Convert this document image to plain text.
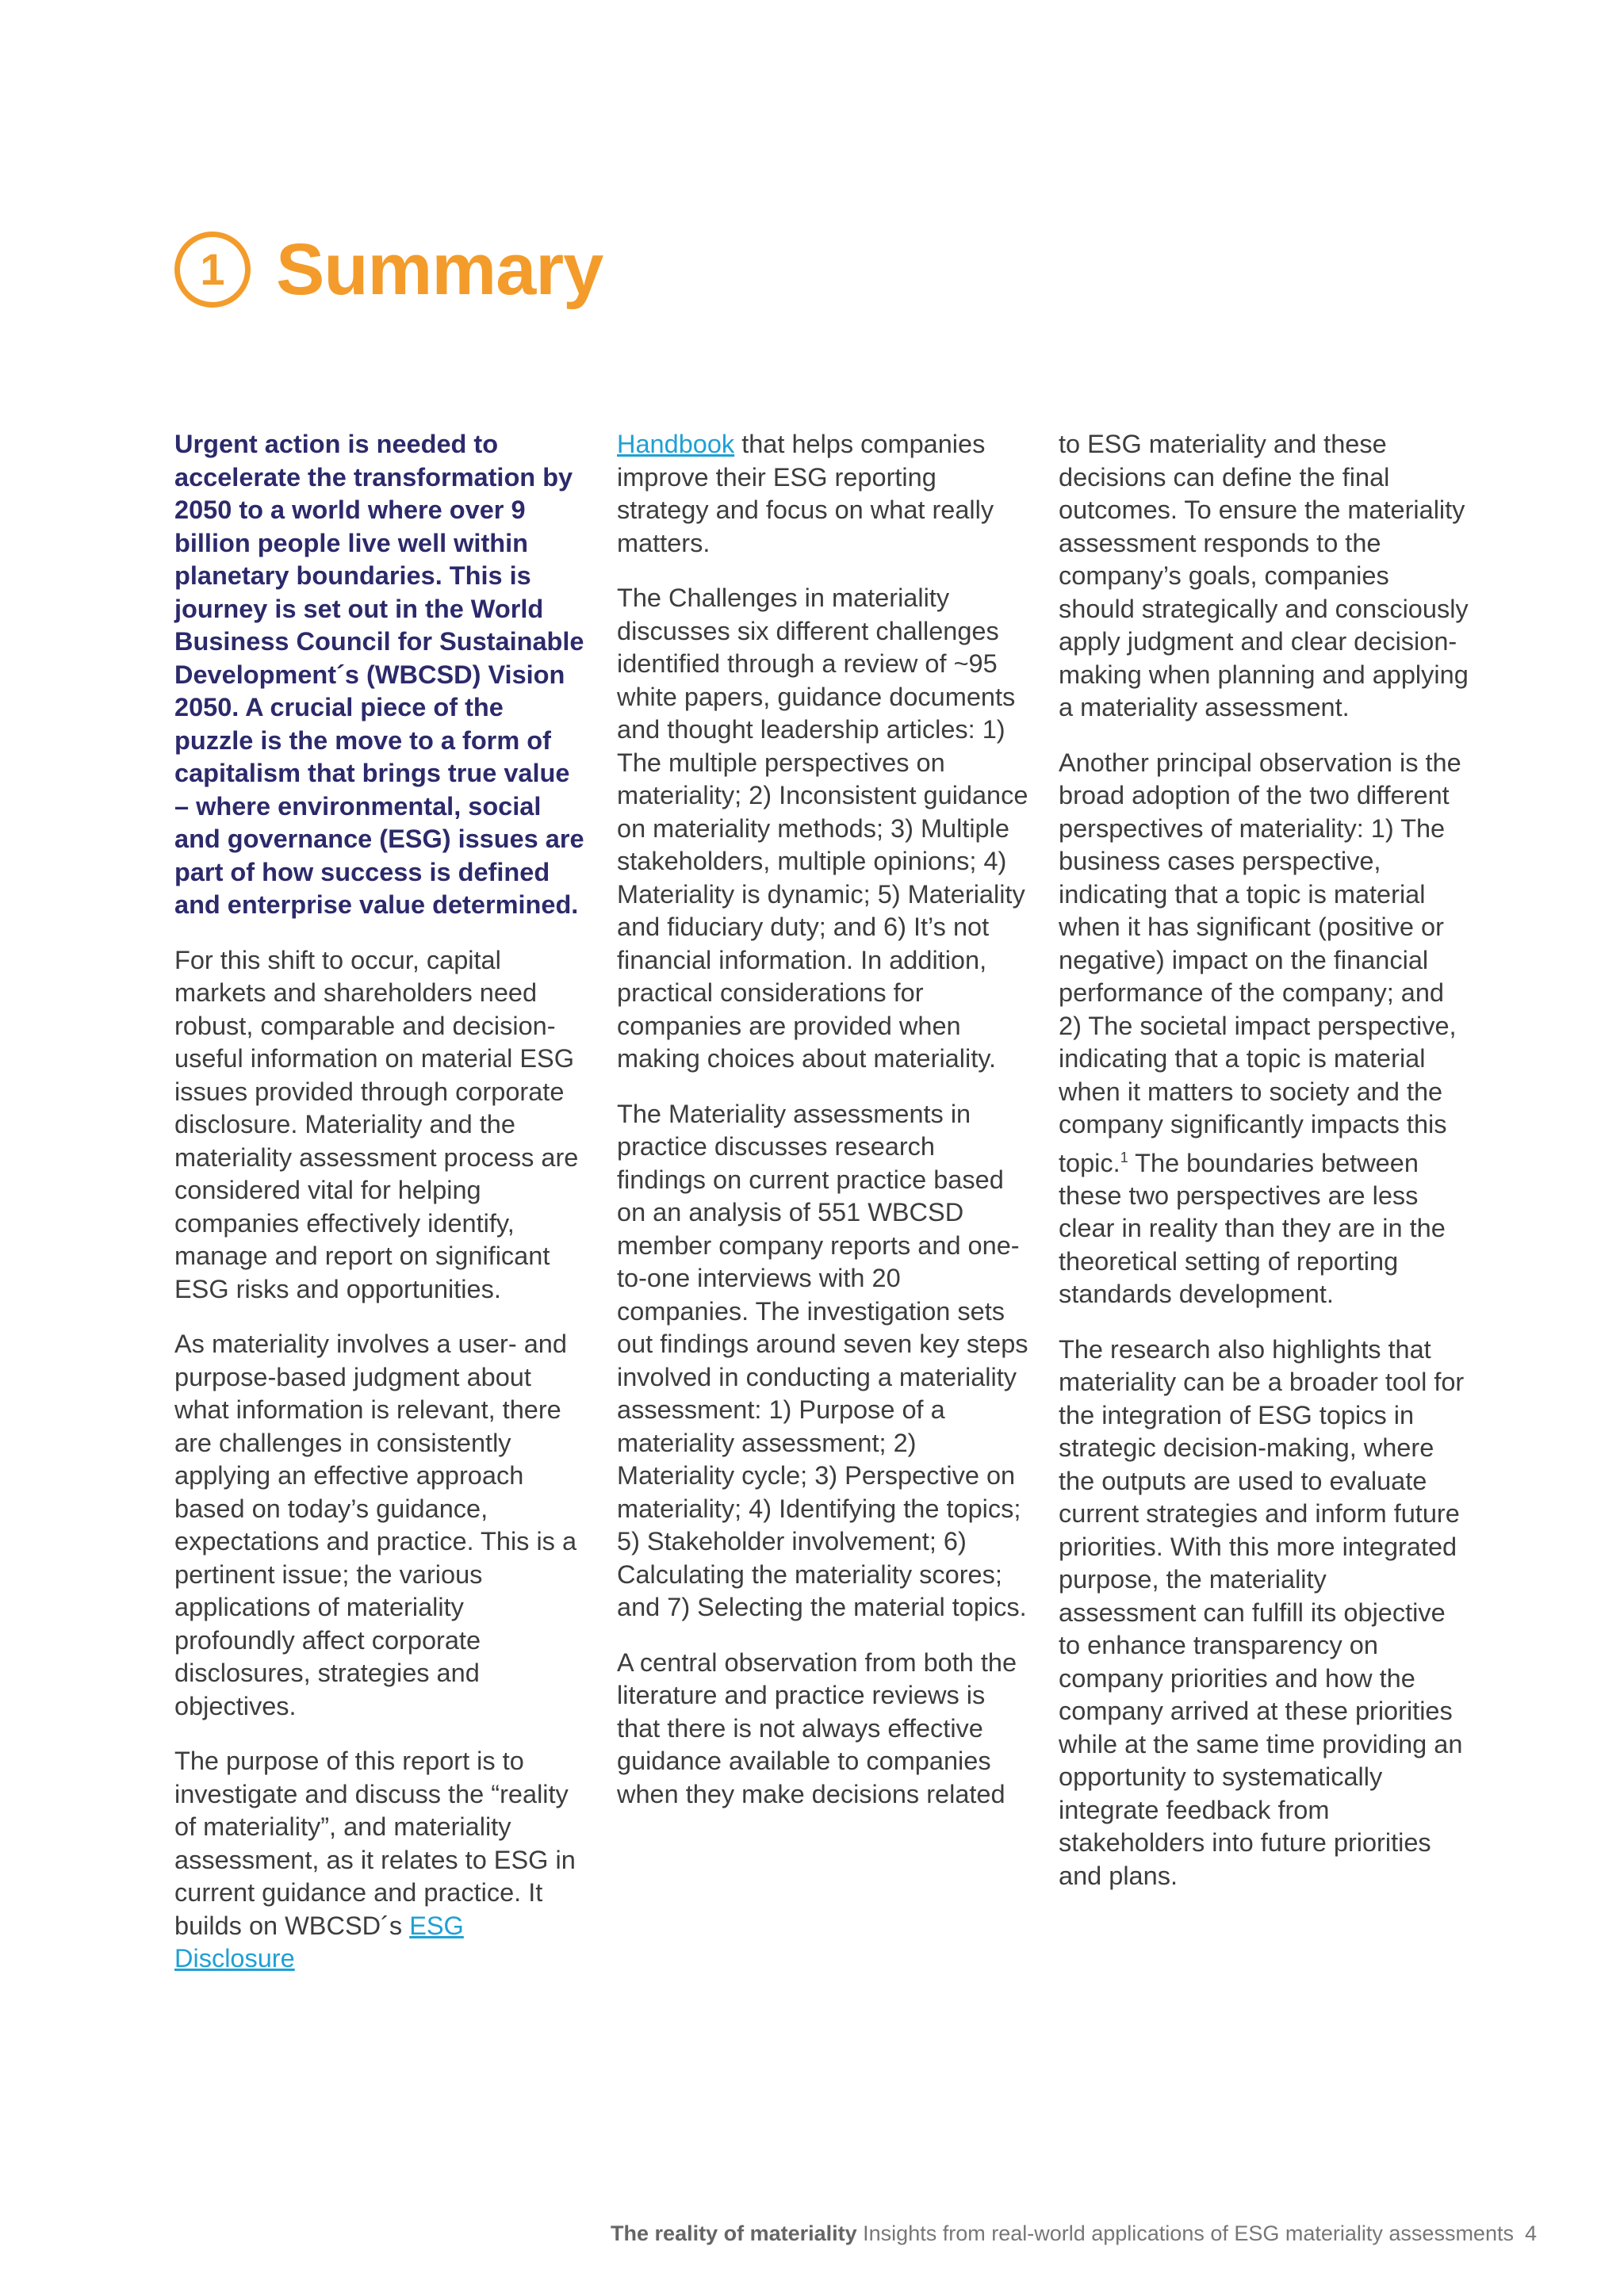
1 Summary

Urgent action is needed to accelerate the transformation by 2050 to a world where over 9 billion people live well within planetary boundaries. This is journey is set out in the World Business Council for Sustainable Development´s (WBCSD) Vision 2050. A crucial piece of the puzzle is the move to a form of capitalism that brings true value – where environmental, social and governance (ESG) issues are part of how success is defined and enterprise value determined.

For this shift to occur, capital markets and shareholders need robust, comparable and decision-useful information on material ESG issues provided through corporate disclosure. Materiality and the materiality assessment process are considered vital for helping companies effectively identify, manage and report on significant ESG risks and opportunities.

As materiality involves a user- and purpose-based judgment about what information is relevant, there are challenges in consistently applying an effective approach based on today’s guidance, expectations and practice. This is a pertinent issue; the various applications of materiality profoundly affect corporate disclosures, strategies and objectives.

The purpose of this report is to investigate and discuss the “reality of materiality”, and materiality assessment, as it relates to ESG in current guidance and practice. It builds on WBCSD´s ESG Disclosure

Handbook that helps companies improve their ESG reporting strategy and focus on what really matters.

The Challenges in materiality discusses six different challenges identified through a review of ~95 white papers, guidance documents and thought leadership articles: 1) The multiple perspectives on materiality; 2) Inconsistent guidance on materiality methods; 3) Multiple stakeholders, multiple opinions; 4) Materiality is dynamic; 5) Materiality and fiduciary duty; and 6) It’s not financial information. In addition, practical considerations for companies are provided when making choices about materiality.

The Materiality assessments in practice discusses research findings on current practice based on an analysis of 551 WBCSD member company reports and one-to-one interviews with 20 companies. The investigation sets out findings around seven key steps involved in conducting a materiality assessment: 1) Purpose of a materiality assessment; 2) Materiality cycle; 3) Perspective on materiality; 4) Identifying the topics; 5) Stakeholder involvement; 6) Calculating the materiality scores; and 7) Selecting the material topics.

A central observation from both the literature and practice reviews is that there is not always effective guidance available to companies when they make decisions related

to ESG materiality and these decisions can define the final outcomes. To ensure the materiality assessment responds to the company’s goals, companies should strategically and consciously apply judgment and clear decision-making when planning and applying a materiality assessment.

Another principal observation is the broad adoption of the two different perspectives of materiality: 1) The business cases perspective, indicating that a topic is material when it has significant (positive or negative) impact on the financial performance of the company; and 2) The societal impact perspective, indicating that a topic is material when it matters to society and the company significantly impacts this topic.$^1$ The boundaries between these two perspectives are less clear in reality than they are in the theoretical setting of reporting standards development.

The research also highlights that materiality can be a broader tool for the integration of ESG topics in strategic decision-making, where the outputs are used to evaluate current strategies and inform future priorities. With this more integrated purpose, the materiality assessment can fulfill its objective to enhance transparency on company priorities and how the company arrived at these priorities while at the same time providing an opportunity to systematically integrate feedback from stakeholders into future priorities and plans.

The reality of materiality Insights from real-world applications of ESG materiality assessments 4
